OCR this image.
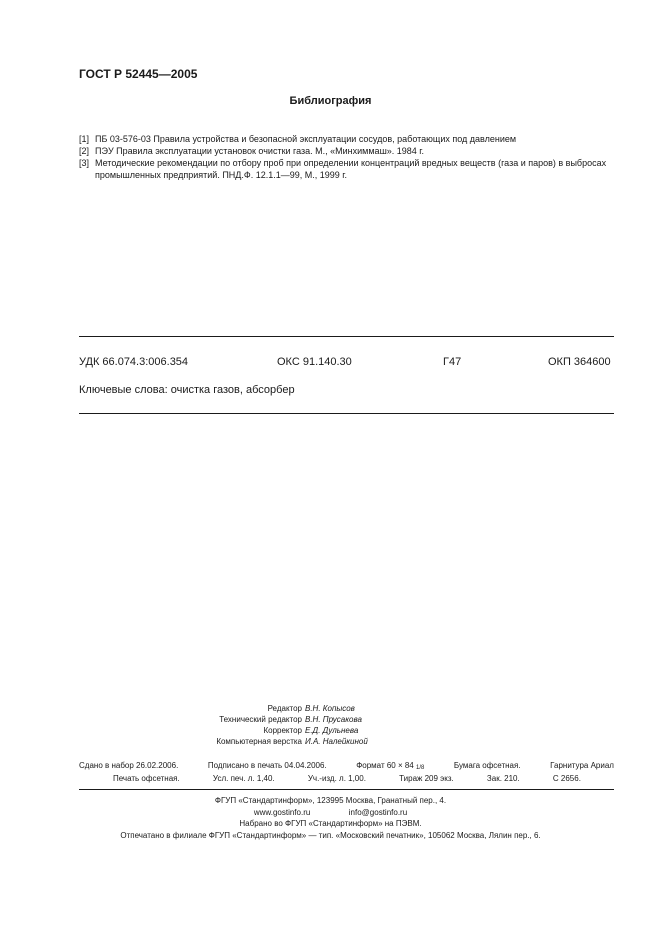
ГОСТ Р 52445—2005
Библиография
[1] ПБ 03-576-03 Правила устройства и безопасной эксплуатации сосудов, работающих под давлением
[2] ПЭУ Правила эксплуатации установок очистки газа. М., «Минхиммаш». 1984 г.
[3] Методические рекомендации по отбору проб при определении концентраций вредных веществ (газа и паров) в выбросах промышленных предприятий. ПНД.Ф. 12.1.1—99, М., 1999 г.
УДК 66.074.3:006.354	ОКС 91.140.30	Г47	ОКП 364600
Ключевые слова: очистка газов, абсорбер
Редактор В.Н. Копысов
Технический редактор В.Н. Прусакова
Корректор Е.Д. Дульнева
Компьютерная верстка И.А. Налейкиной
Сдано в набор 26.02.2006.	Подписано в печать 04.04.2006.	Формат 60 × 84 1/8	Бумага офсетная.	Гарнитура Ариал
Печать офсетная.	Усл. печ. л. 1,40.	Уч.-изд. л. 1,00.	Тираж 209 экз.	Зак. 210.	С 2656.
ФГУП «Стандартинформ», 123995 Москва, Гранатный пер., 4.
www.gostinfo.ru	info@gostinfo.ru
Набрано во ФГУП «Стандартинформ» на ПЭВМ.
Отпечатано в филиале ФГУП «Стандартинформ» — тип. «Московский печатник», 105062 Москва, Лялин пер., 6.
